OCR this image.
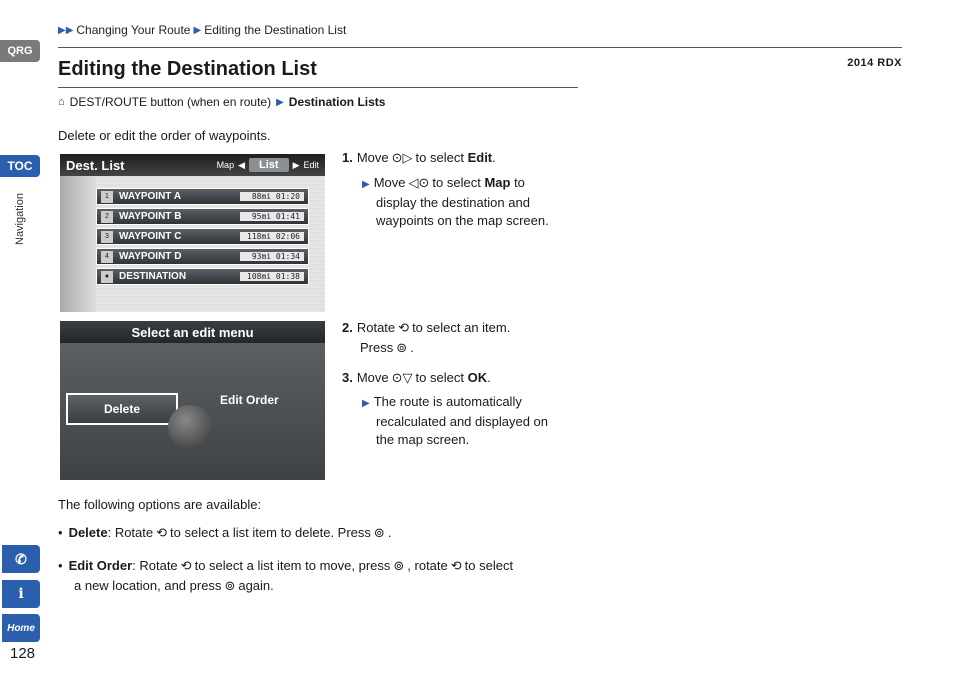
▶▶ Changing Your Route ▶ Editing the Destination List
2014 RDX
QRG
TOC
Navigation
✆
i
Home
128
Editing the Destination List
⌂ DEST/ROUTE button (when en route) ▶ Destination Lists
Delete or edit the order of waypoints.
Dest. List	Map ◀	List	▶ Edit
1	WAYPOINT A	88mi 01:20
2	WAYPOINT B	95mi 01:41
3	WAYPOINT C	118mi 02:06
4	WAYPOINT D	93mi 01:34
● DESTINATION	108mi 01:38
Select an edit menu
Delete
Edit Order
1. Move ⊙▷ to select Edit.
▶ Move ◁⊙ to select Map to
display the destination and
waypoints on the map screen.
2. Rotate ⟲ to select an item.
Press ⊚ .
3. Move ⊙▽ to select OK.
▶ The route is automatically
recalculated and displayed on
the map screen.
The following options are available:
• Delete: Rotate ⟲ to select a list item to delete. Press ⊚ .
• Edit Order: Rotate ⟲ to select a list item to move, press ⊚ , rotate ⟲ to select
a new location, and press ⊚ again.
